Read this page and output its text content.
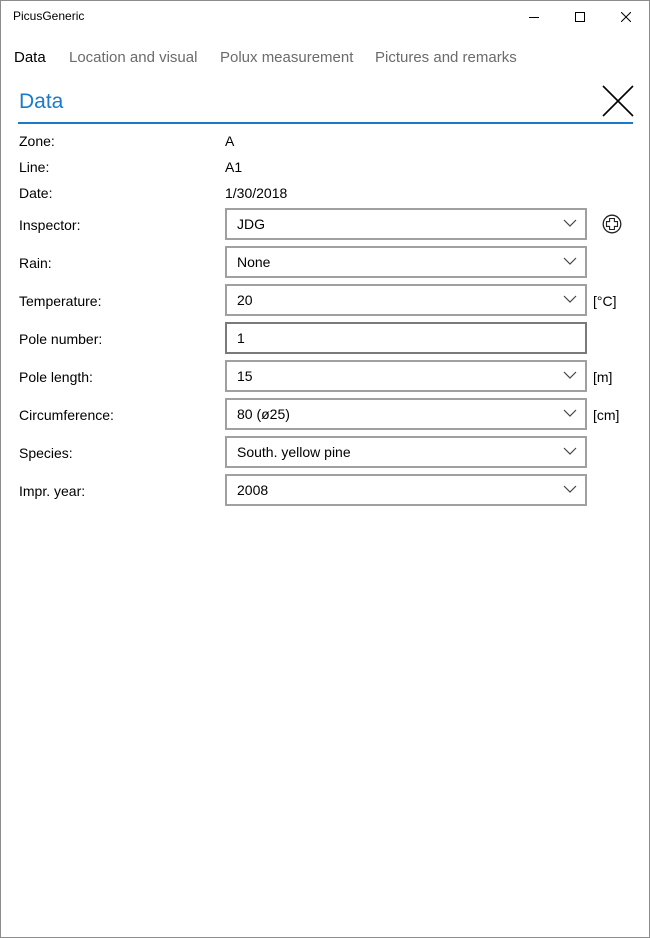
PicusGeneric
Data Location and visual Polux measurement Pictures and remarks
Data
Zone:	A
Line:	A1
Date:	1/30/2018
Inspector:	JDG
Rain:	None
Temperature:	20	[°C]
Pole number:	1
Pole length:	15	[m]
Circumference:	80 (ø25)	[cm]
Species:	South. yellow pine
Impr. year:	2008
